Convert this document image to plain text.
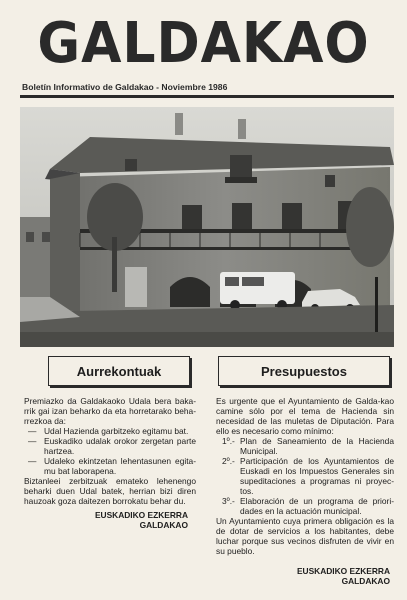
GALDAKAO
Boletín Informativo de Galdakao - Noviembre 1986
Aurrekontuak	Presupuestos

Premiazko da Galdakaoko Udala bera baka-rrik gai izan beharko da eta horretarako beha-rrezkoa da:

— Udal Hazienda garbitzeko egitamu bat.
— Euskadiko udalak orokor zergetan parte hartzea.
— Udaleko ekintzetan lehentasunen egita-mu bat laborapena.

Biztanleei zerbitzuak emateko lehenengo beharki duen Udal batek, herrian bizi diren hauzoak goza daitezen borrokatu behar du.

EUSKADIKO EZKERRA
GALDAKAO

Es urgente que el Ayuntamiento de Galda-kao camine sólo por el tema de Hacienda sin necesidad de las muletas de Diputación. Para ello es necesario como mínimo:

1º.- Plan de Saneamiento de la Hacienda Municipal.
2º.- Participación de los Ayuntamientos de Euskadi en los Impuestos Generales sin supeditaciones a programas ni proyec-tos.
3º.- Elaboración de un programa de priori-dades en la actuación municipal.

Un Ayuntamiento cuya primera obligación es la de dotar de servicios a los habitantes, debe luchar porque sus vecinos disfruten de vivir en su pueblo.

EUSKADIKO EZKERRA
GALDAKAO
